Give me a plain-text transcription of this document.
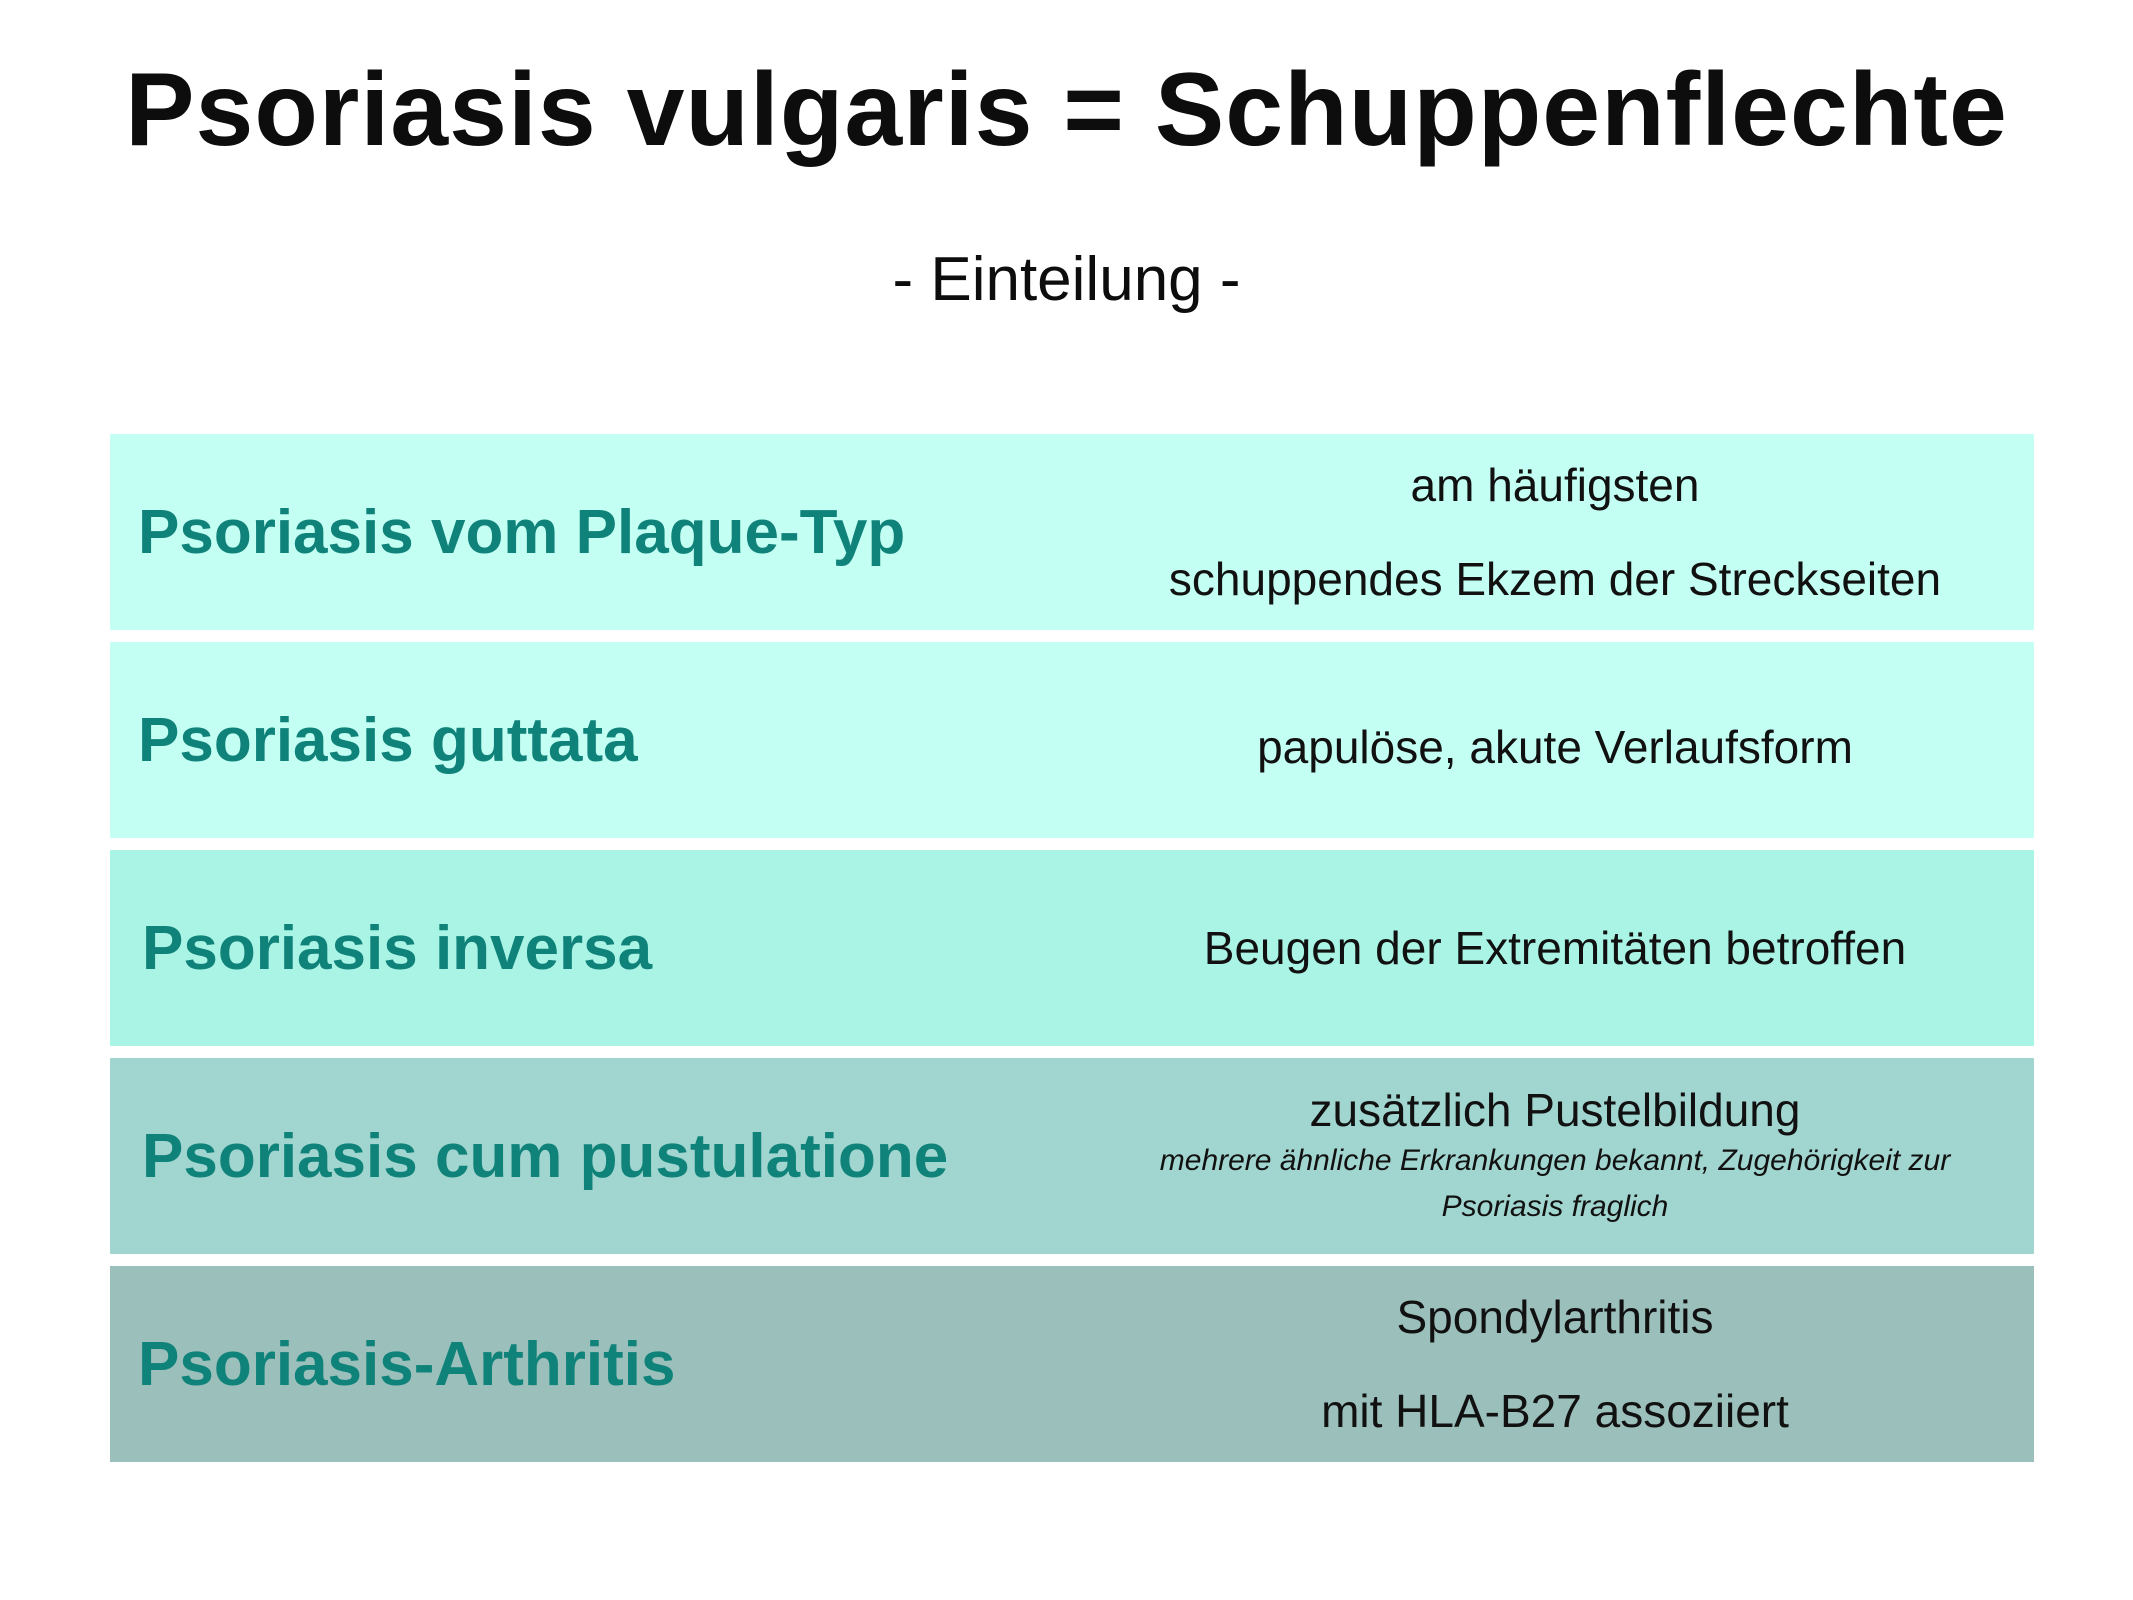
Psoriasis vulgaris = Schuppenflechte
- Einteilung -
Psoriasis vom Plaque-Typ
am häufigsten
schuppendes Ekzem der Streckseiten
Psoriasis guttata	papulöse, akute Verlaufsform
Psoriasis inversa	Beugen der Extremitäten betroffen
Psoriasis cum pustulatione
zusätzlich Pustelbildung
mehrere ähnliche Erkrankungen bekannt, Zugehörigkeit zur Psoriasis fraglich
Psoriasis-Arthritis
Spondylarthritis
mit HLA-B27 assoziiert
